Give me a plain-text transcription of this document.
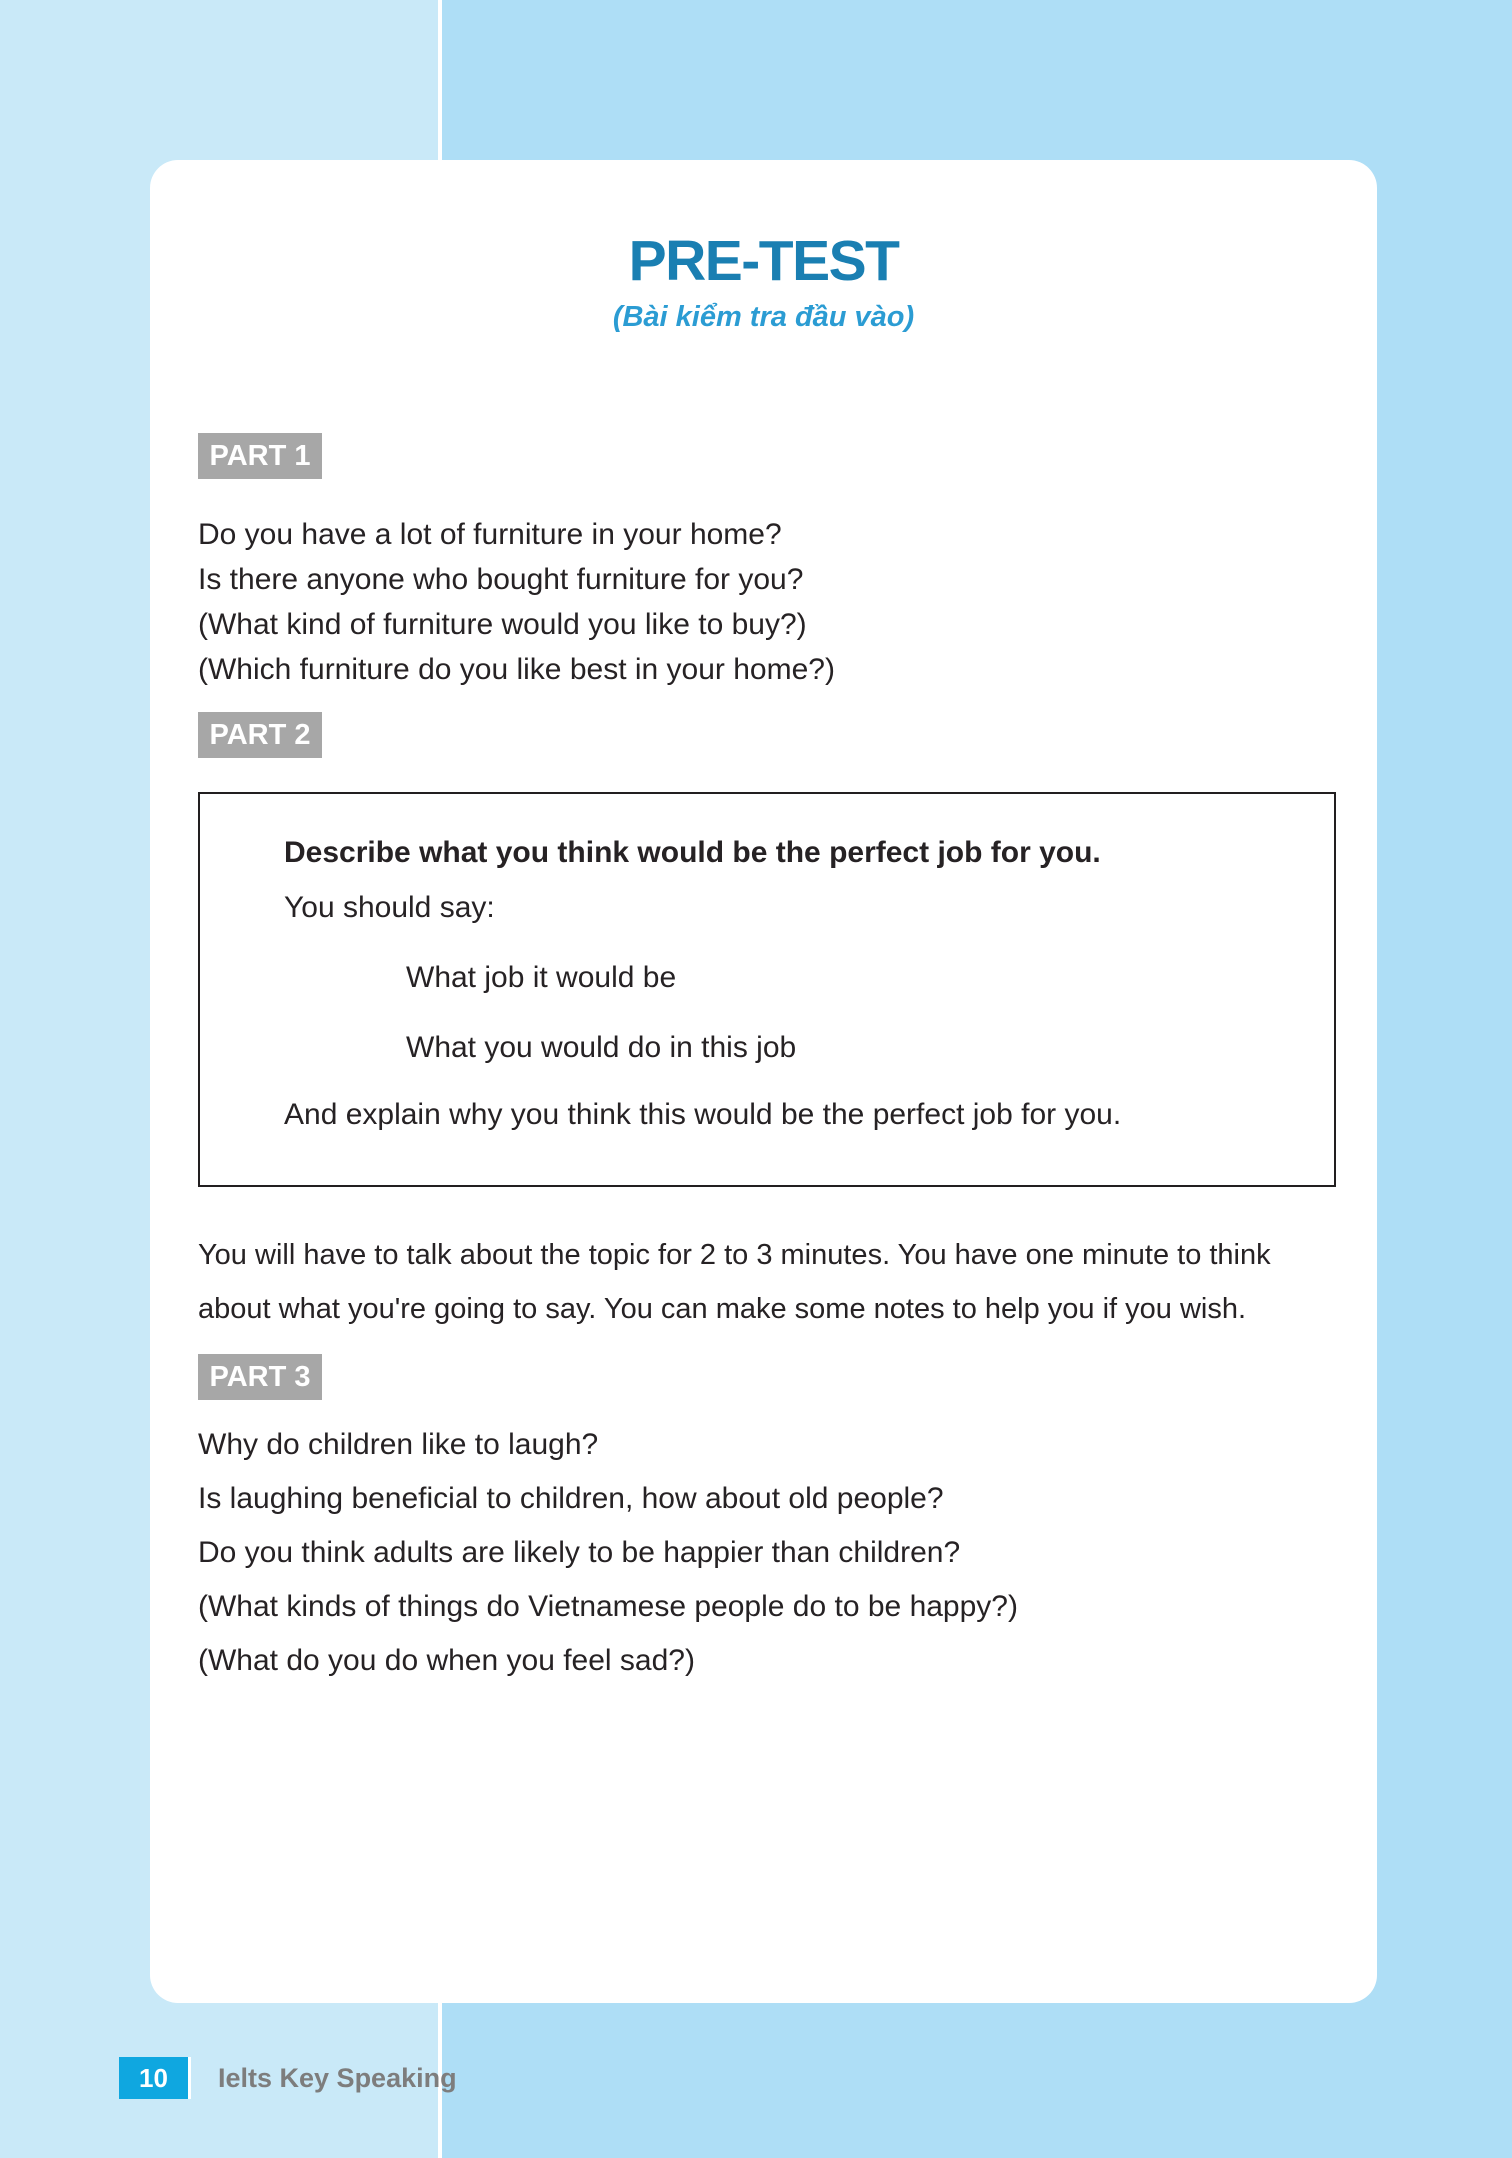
PRE-TEST
(Bài kiểm tra đầu vào)
PART 1
Do you have a lot of furniture in your home?
Is there anyone who bought furniture for you?
(What kind of furniture would you like to buy?)
(Which furniture do you like best in your home?)
PART 2
Describe what you think would be the perfect job for you.
You should say:
What job it would be
What you would do in this job
And explain why you think this would be the perfect job for you.
You will have to talk about the topic for 2 to 3 minutes. You have one minute to think about what you're going to say. You can make some notes to help you if you wish.
PART 3
Why do children like to laugh?
Is laughing beneficial to children, how about old people?
Do you think adults are likely to be happier than children?
(What kinds of things do Vietnamese people do to be happy?)
(What do you do when you feel sad?)
10	Ielts Key Speaking
